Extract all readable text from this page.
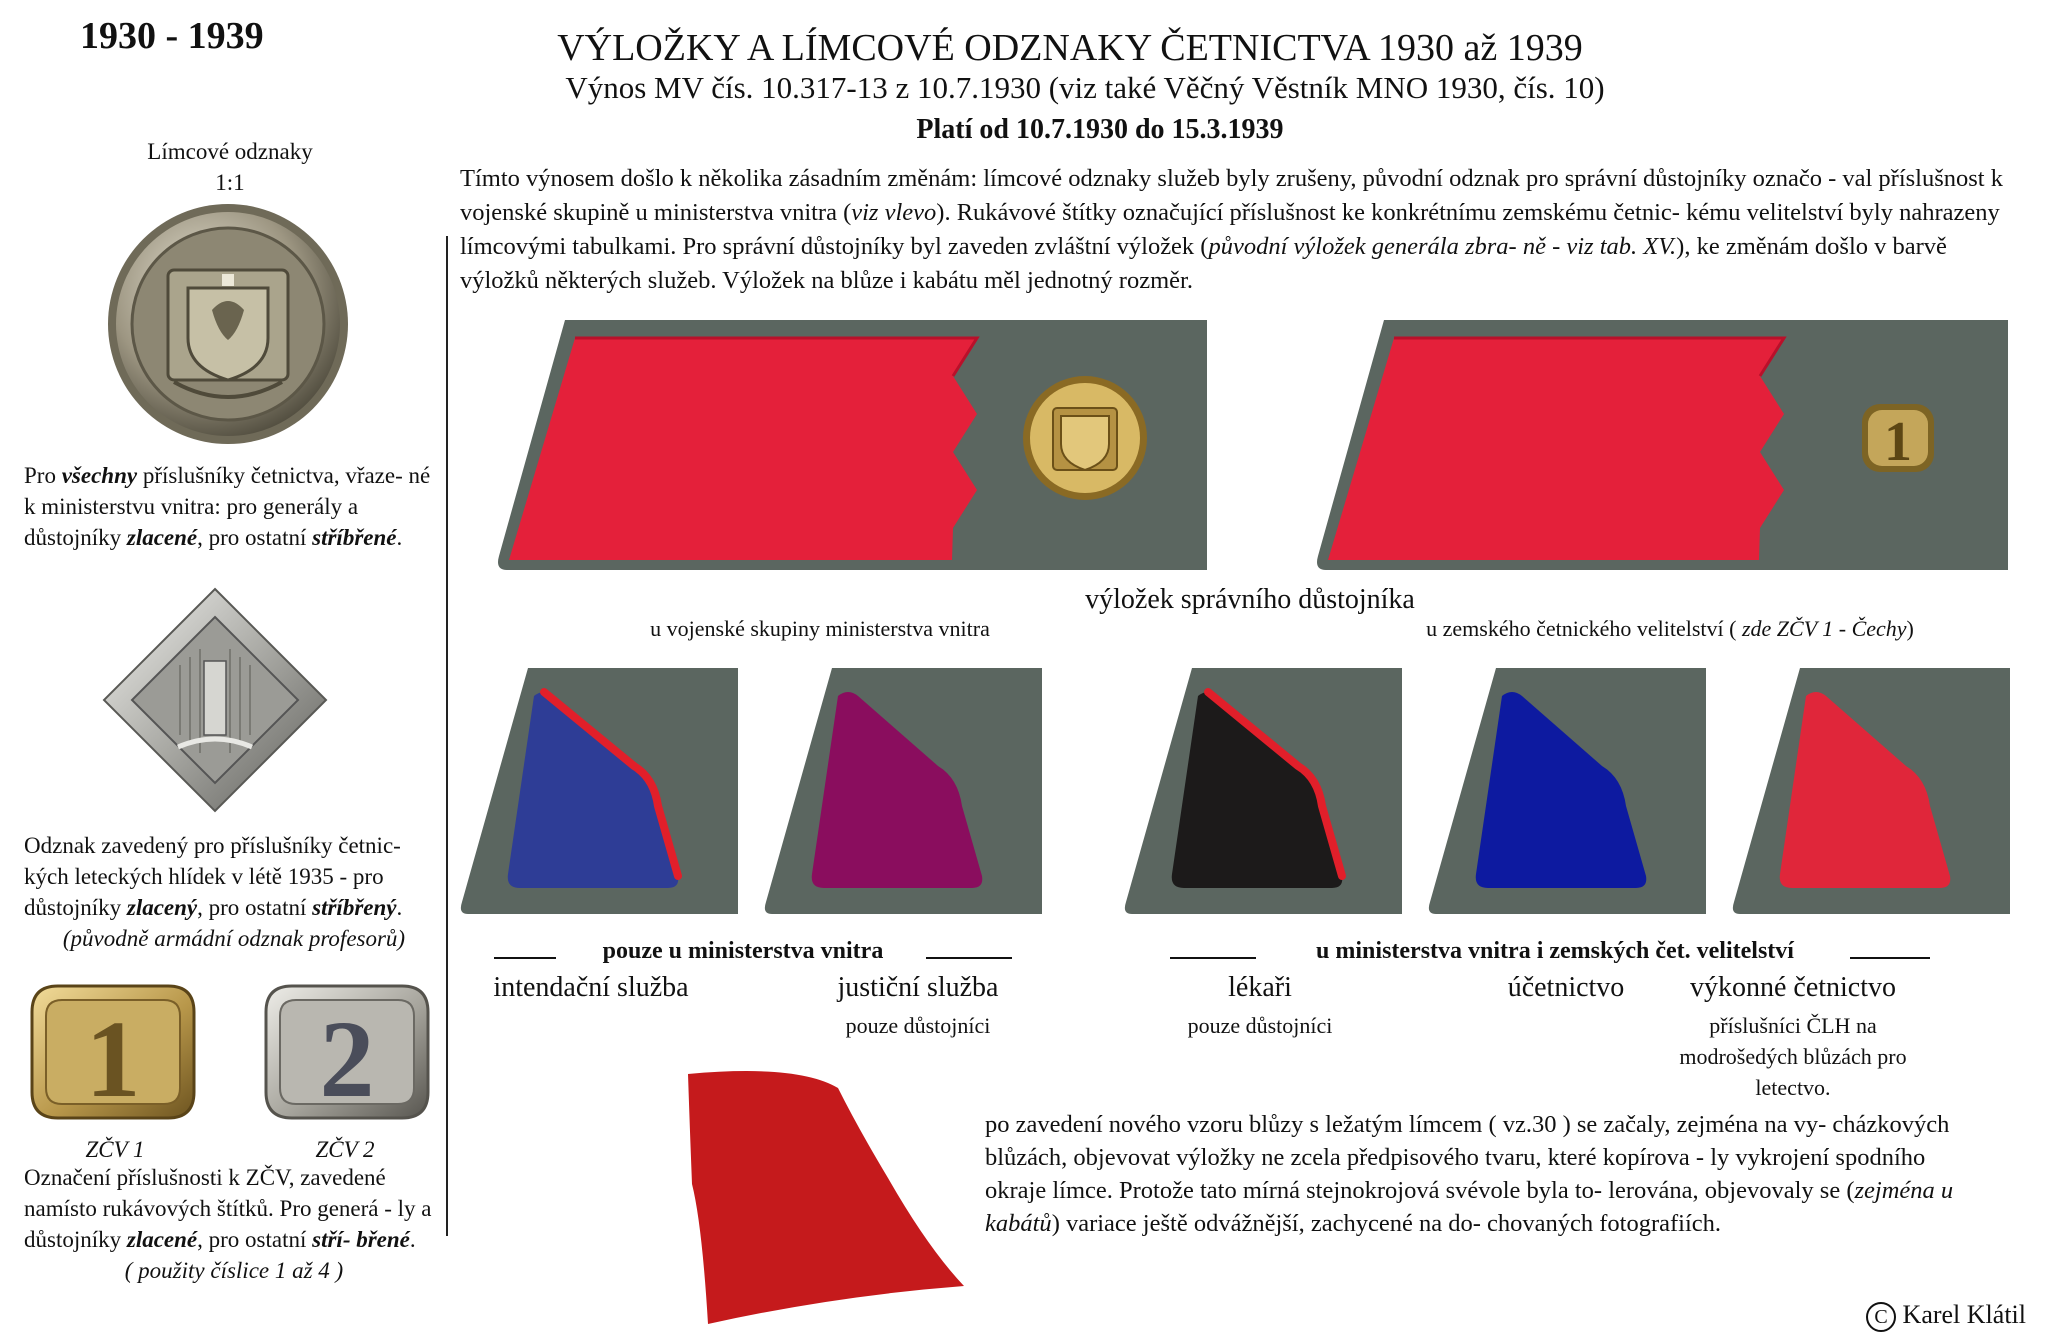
1930 - 1939	VÝLOŽKY A LÍMCOVÉ ODZNAKY ČETNICTVA 1930 až 1939
Výnos MV čís. 10.317-13 z 10.7.1930 (viz také Věčný Věstník MNO 1930, čís. 10)
Platí od 10.7.1930 do 15.3.1939
Tímto výnosem došlo k několika zásadním změnám: límcové odznaky služeb byly zrušeny, původní odznak pro správní důstojníky označo - val příslušnost k vojenské skupině u ministerstva vnitra (viz vlevo). Rukávové štítky označující příslušnost ke konkrétnímu zemskému četnic- kému velitelství byly nahrazeny límcovými tabulkami. Pro správní důstojníky byl zaveden zvláštní výložek (původní výložek generála zbra- ně - viz tab. XV.), ke změnám došlo v barvě výložků některých služeb. Výložek na blůze i kabátu měl jednotný rozměr.
Límcové odznaky
1:1
Pro všechny příslušníky četnictva, vřaze- né k ministerstvu vnitra: pro generály a důstojníky zlacené, pro ostatní stříbřené.
Odznak zavedený pro příslušníky četnic- kých leteckých hlídek v létě 1935 - pro důstojníky zlacený, pro ostatní stříbřený.
(původně armádní odznak profesorů)
1 2
ZČV 1	ZČV 2
Označení příslušnosti k ZČV, zavedené namísto rukávových štítků. Pro generá - ly a důstojníky zlacené, pro ostatní stří- břené.
( použity číslice 1 až 4 )
1
výložek správního důstojníka
u vojenské skupiny ministerstva vnitra	u zemského četnického velitelství ( zde ZČV 1 - Čechy)
intendační služba	justiční služba
pouze důstojníci
lékaři
pouze důstojníci
účetnictvo	výkonné četnictvo
příslušníci ČLH na modrošedých blůzách pro letectvo.
pouze u ministerstva vnitra	u ministerstva vnitra i zemských čet. velitelství
po zavedení nového vzoru blůzy s ležatým límcem ( vz.30 ) se začaly, zejména na vy- cházkových blůzách, objevovat výložky ne zcela předpisového tvaru, které kopírova - ly vykrojení spodního okraje límce. Protože tato mírná stejnokrojová svévole byla to- lerována, objevovaly se (zejména u kabátů) variace ještě odvážnější, zachycené na do- chovaných fotografiích.
C Karel Klátil
